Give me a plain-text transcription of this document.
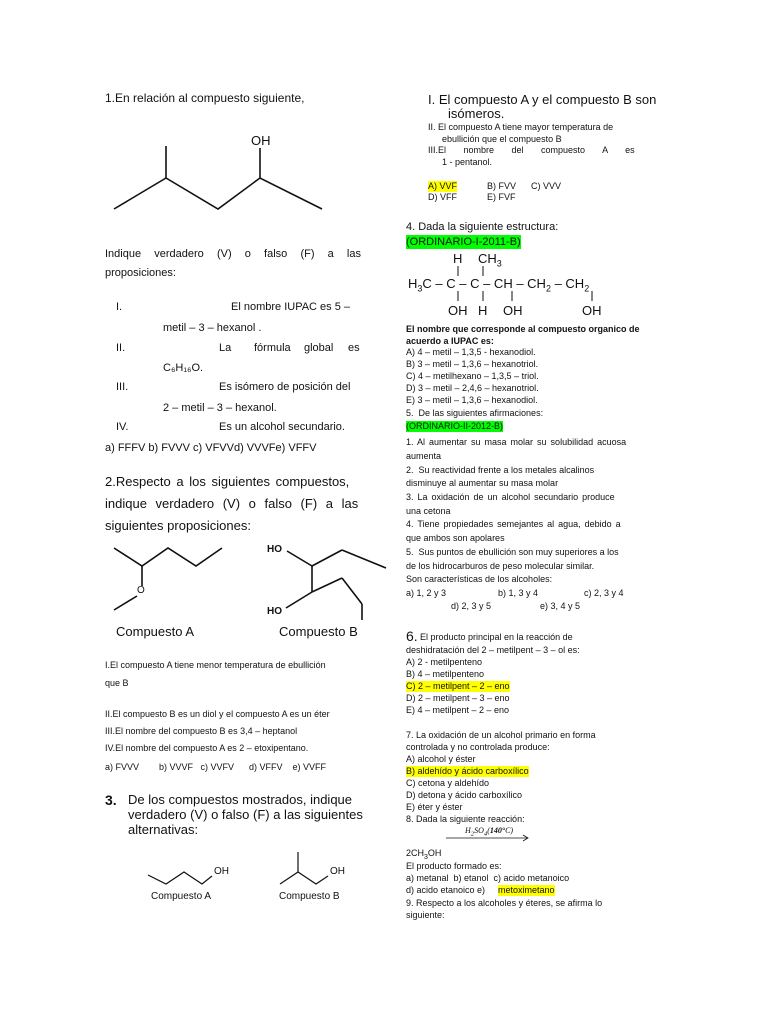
1.En relación al compuesto siguiente,
OH
Indique verdadero (V) o falso (F) a las
proposiciones:
I.	El nombre IUPAC es 5 –
metil – 3 – hexanol .
II.	La fórmula global es
C₆H₁₆O.
III.	Es isómero de posición del
2 – metil – 3 – hexanol.
IV.	Es un alcohol secundario.
a) FFFV b) FVVV c) VFVVd) VVVFe) VFFV
2.Respecto a los siguientes compuestos,
indique verdadero (V) o falso (F) a las
siguientes proposiciones:
O
HO
HO
Compuesto A	Compuesto B
I.El compuesto A tiene menor temperatura de ebullición
que B
II.El compuesto B es un diol y el compuesto A es un éter
III.El nombre del compuesto B es 3,4 – heptanol
IV.El nombre del compuesto A es 2 – etoxipentano.
a) FVVV        b) VVVF   c) VVFV      d) VFFV    e) VVFF
3. De los compuestos mostrados, indique
verdadero (V) o falso (F) a las siguientes
alternativas:
OH	OH
Compuesto A	Compuesto B
I. El compuesto A y el compuesto B son
isómeros.
II. El compuesto A tiene mayor temperatura de
ebullición que el compuesto B
III.El       nombre       del       compuesto       A       es
1 - pentanol.
A) VVF	B) FVV C) VVV
D) VFF	E) FVF
4. Dada la siguiente estructura:
(ORDINARIO-I-2011-B)
H $CH_3$
$H_3C$ – C – C – CH – $CH_2 - CH_2$
OH H OH	OH
El nombre que corresponde al compuesto organico de
acuerdo a IUPAC es:
A) 4 – metil – 1,3,5 - hexanodiol.
B) 3 – metil – 1,3,6 – hexanotriol.
C) 4 – metilhexano – 1,3,5 – triol.
D) 3 – metil – 2,4,6 – hexanotriol.
E) 3 – metil – 1,3,6 – hexanodiol.
5.  De las siguientes afirmaciones:
(ORDINARIO-II-2012-B)
1. Al aumentar su masa molar su solubilidad acuosa
aumenta
2.  Su reactividad frente a los metales alcalinos
disminuye al aumentar su masa molar
3. La oxidación de un alcohol secundario produce
una cetona
4. Tiene propiedades semejantes al agua, debido a
que ambos son apolares
5.  Sus puntos de ebullición son muy superiores a los
de los hidrocarburos de peso molecular similar.
Son características de los alcoholes:
a) 1, 2 y 3	b) 1, 3 y 4	c) 2, 3 y 4
d) 2, 3 y 5	e) 3, 4 y 5
6. El producto principal en la reacción de
deshidratación del 2 – metilpent – 3 – ol es:
A) 2 - metilpenteno
B) 4 – metilpenteno
C) 2 – metilpent – 2 – eno
D) 2 – metilpent – 3 – eno
E) 4 – metilpent – 2 – eno
7. La oxidación de un alcohol primario en forma
controlada y no controlada produce:
A) alcohol y éster
B) aldehído y ácido carboxílico
C) cetona y aldehído
D) detona y ácido carboxílico
E) éter y éster
8. Dada la siguiente reacción:
$H_2SO_4(140^\circ C)$
$2CH_3OH$
El producto formado es:
a) metanal  b) etanol  c) acido metanoico
d) acido etanoico e) metoximetano
9. Respecto a los alcoholes y éteres, se afirma lo
siguiente:
